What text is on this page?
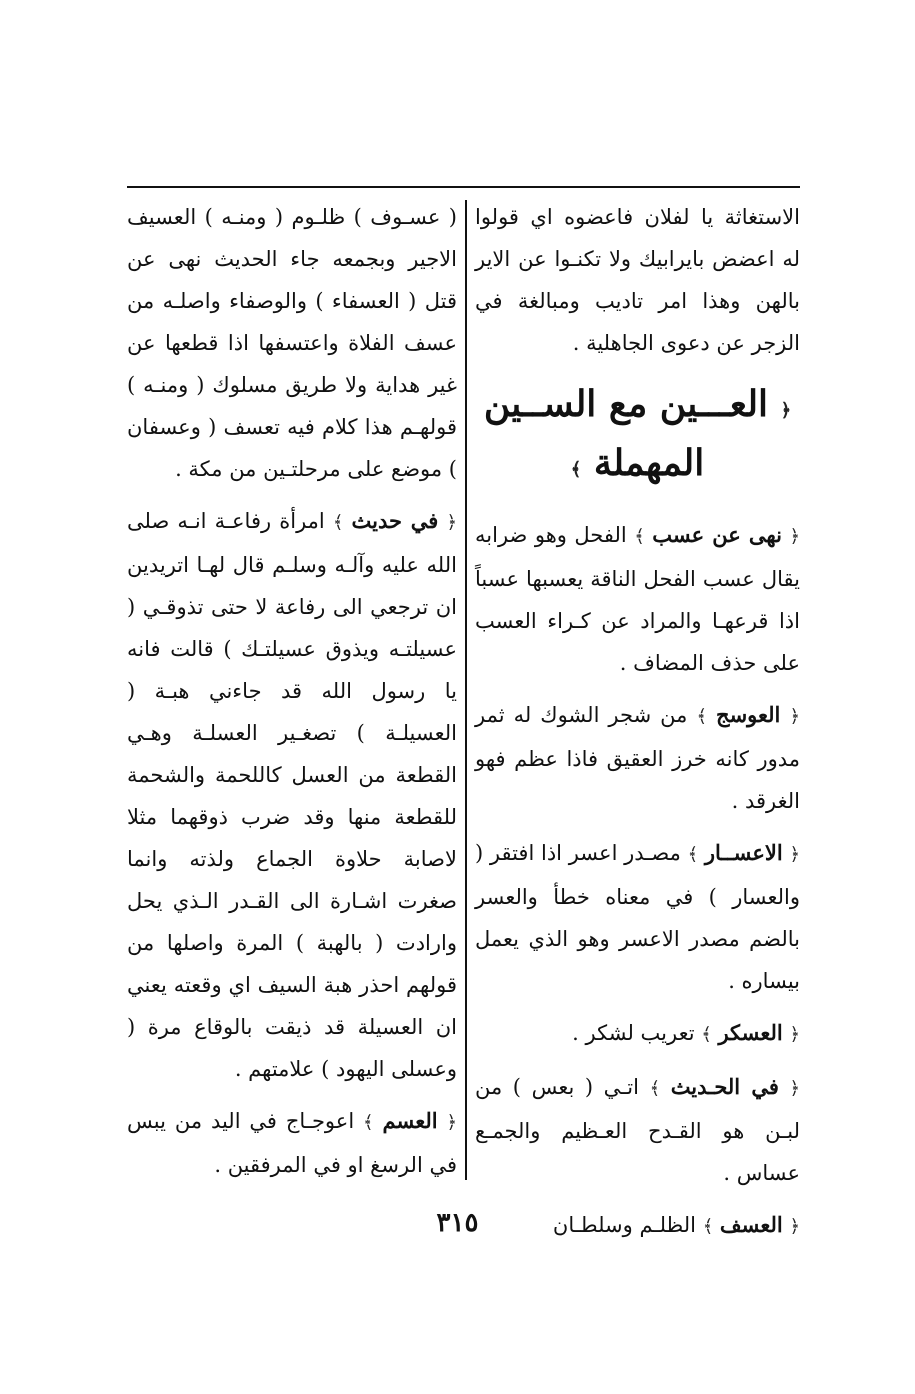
الاستغاثة يا لفلان فاعضوه اي قولوا له اعضض بايرابيك ولا تكنـوا عن الاير بالهن وهذا امر تاديب ومبالغة في الزجر عن دعوى الجاهلية .

﴿ العـــين مع الســين المهملة ﴾

﴿ نهى عن عسب ﴾ الفحل وهو ضرابه يقال عسب الفحل الناقة يعسبها عسباً اذا قرعهـا والمراد عن كـراء العسب على حذف المضاف .

﴿ العوسج ﴾ من شجر الشوك له ثمر مدور كانه خرز العقيق فاذا عظم فهو الغرقد .

﴿ الاعســار ﴾ مصـدر اعسر اذا افتقر ( والعسار ) في معناه خطأ والعسر بالضم مصدر الاعسر وهو الذي يعمل بيساره .

﴿ العسكر ﴾ تعريب لشكر .

﴿ في الحـديث ﴾ اتـي ( بعس ) من لبـن هو القـدح العـظيم والجمـع عساس .

﴿ العسف ﴾ الظلـم وسلطـان

( عسـوف ) ظلـوم ( ومنـه ) العسيف الاجير وبجمعه جاء الحديث نهى عن قتل ( العسفاء ) والوصفاء واصلـه من عسف الفلاة واعتسفها اذا قطعها عن غير هداية ولا طريق مسلوك ( ومنـه ) قولهـم هذا كلام فيه تعسف ( وعسفان ) موضع على مرحلتـين من مكة .

﴿ في حديث ﴾ امرأة رفاعـة انـه صلى الله عليه وآلـه وسلـم قال لهـا اتريدين ان ترجعي الى رفاعة لا حتى تذوقـي ( عسيلتـه ويذوق عسيلتـك ) قالت فانه يا رسول الله قد جاءني هبـة ( العسيلـة ) تصغـير العسلـة وهـي القطعة من العسل كاللحمة والشحمة للقطعة منها وقد ضرب ذوقهما مثلا لاصابة حلاوة الجماع ولذته وانما صغرت اشـارة الى القـدر الـذي يحل وارادت ( بالهبة ) المرة واصلها من قولهم احذر هبة السيف اي وقعته يعني ان العسيلة قد ذيقت بالوقاع مرة ( وعسلى اليهود ) علامتهم .

﴿ العسم ﴾ اعوجـاج في اليد من يبس في الرسغ او في المرفقين .

٣١٥
